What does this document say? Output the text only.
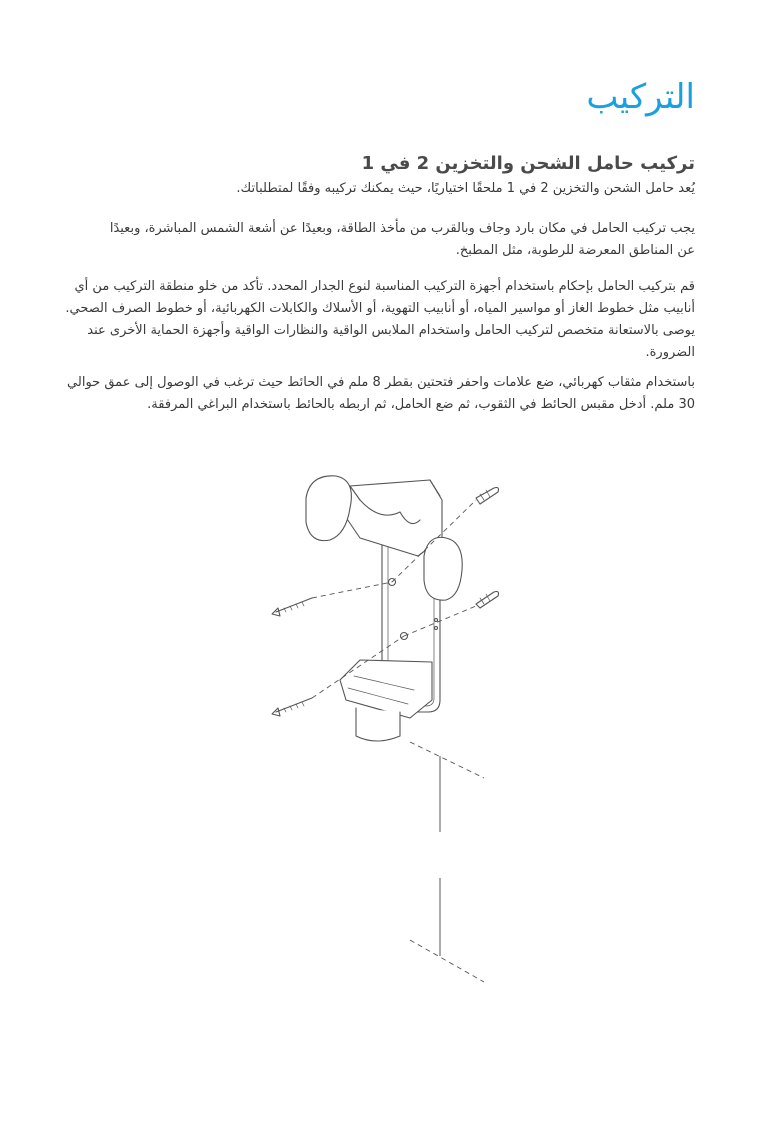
التركيب
تركيب حامل الشحن والتخزين 2 في 1

يُعد حامل الشحن والتخزين 2 في 1 ملحقًا اختياريًا، حيث يمكنك تركيبه وفقًا لمتطلباتك.

يجب تركيب الحامل في مكان بارد وجاف وبالقرب من مأخذ الطاقة، وبعيدًا عن أشعة الشمس المباشرة، وبعيدًا عن المناطق المعرضة للرطوبة، مثل المطبخ.

قم بتركيب الحامل بإحكام باستخدام أجهزة التركيب المناسبة لنوع الجدار المحدد. تأكد من خلو منطقة التركيب من أي أنابيب مثل خطوط الغاز أو مواسير المياه، أو أنابيب التهوية، أو الأسلاك والكابلات الكهربائية، أو خطوط الصرف الصحي. يوصى بالاستعانة متخصص لتركيب الحامل واستخدام الملابس الواقية والنظارات الواقية وأجهزة الحماية الأخرى عند الضرورة.

باستخدام مثقاب كهربائي، ضع علامات واحفر فتحتين بقطر 8 ملم في الحائط حيث ترغب في الوصول إلى عمق حوالي 30 ملم. أدخل مقبس الحائط في الثقوب، ثم ضع الحامل، ثم اربطه بالحائط باستخدام البراغي المرفقة.
